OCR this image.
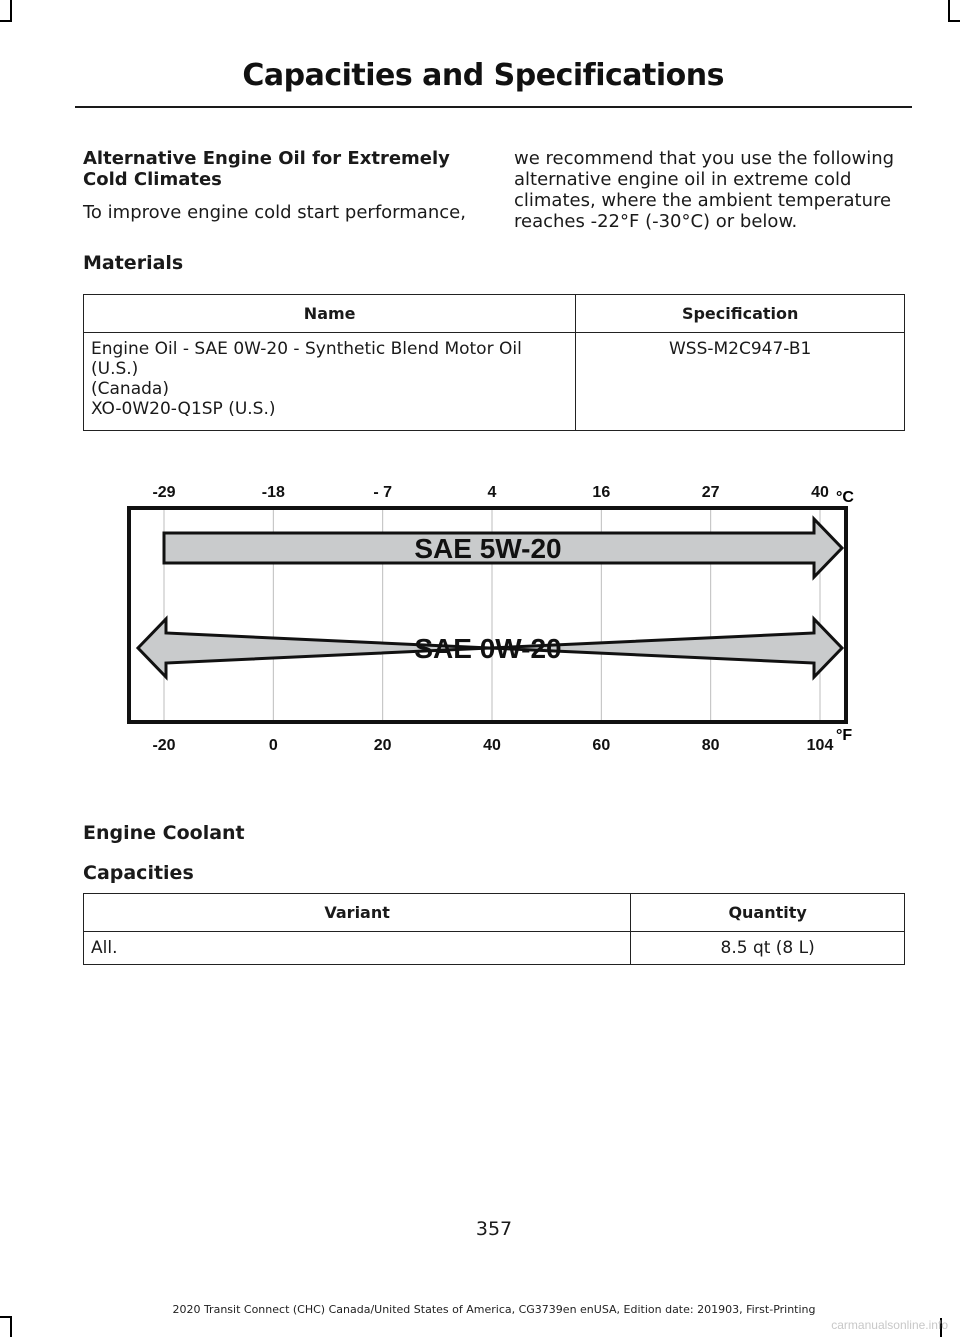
Capacities and Specifications

Alternative Engine Oil for Extremely Cold Climates

To improve engine cold start performance,

we recommend that you use the following alternative engine oil in extreme cold climates, where the ambient temperature reaches -22°F (-30°C) or below.

Materials
Name	Specification

Engine Oil - SAE 0W-20 - Synthetic Blend Motor Oil
(U.S.)
(Canada)
XO-0W20-Q1SP (U.S.)	WSS-M2C947-B1
-29	-18	- 7	4	16	27	40 °C
SAE 5W-20
SAE 0W-20
-20	0	20	40	60	80	104
°F
Engine Coolant
Capacities
Variant	Quantity
All.	8.5 qt (8 L)
357
2020 Transit Connect (CHC) Canada/United States of America, CG3739en enUSA, Edition date: 201903, First-Printing
carmanualsonline.info
